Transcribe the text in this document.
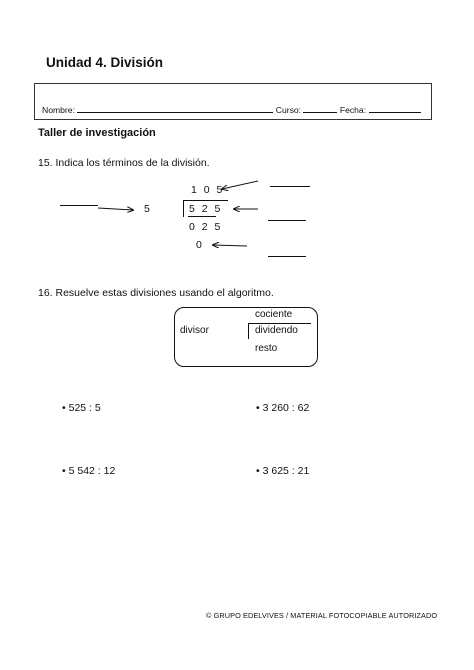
Unidad 4. División
Nombre:	Curso:	Fecha:
Taller de investigación
15. Indica los términos de la división.
1 0 5
5	5 2 5
0 2 5
0
16. Resuelve estas divisiones usando el algoritmo.
cociente
divisor	dividendo
resto
• 525 : 5	• 3 260 : 62
• 5 542 : 12	• 3 625 : 21
© GRUPO EDELVIVES / MATERIAL FOTOCOPIABLE AUTORIZADO
